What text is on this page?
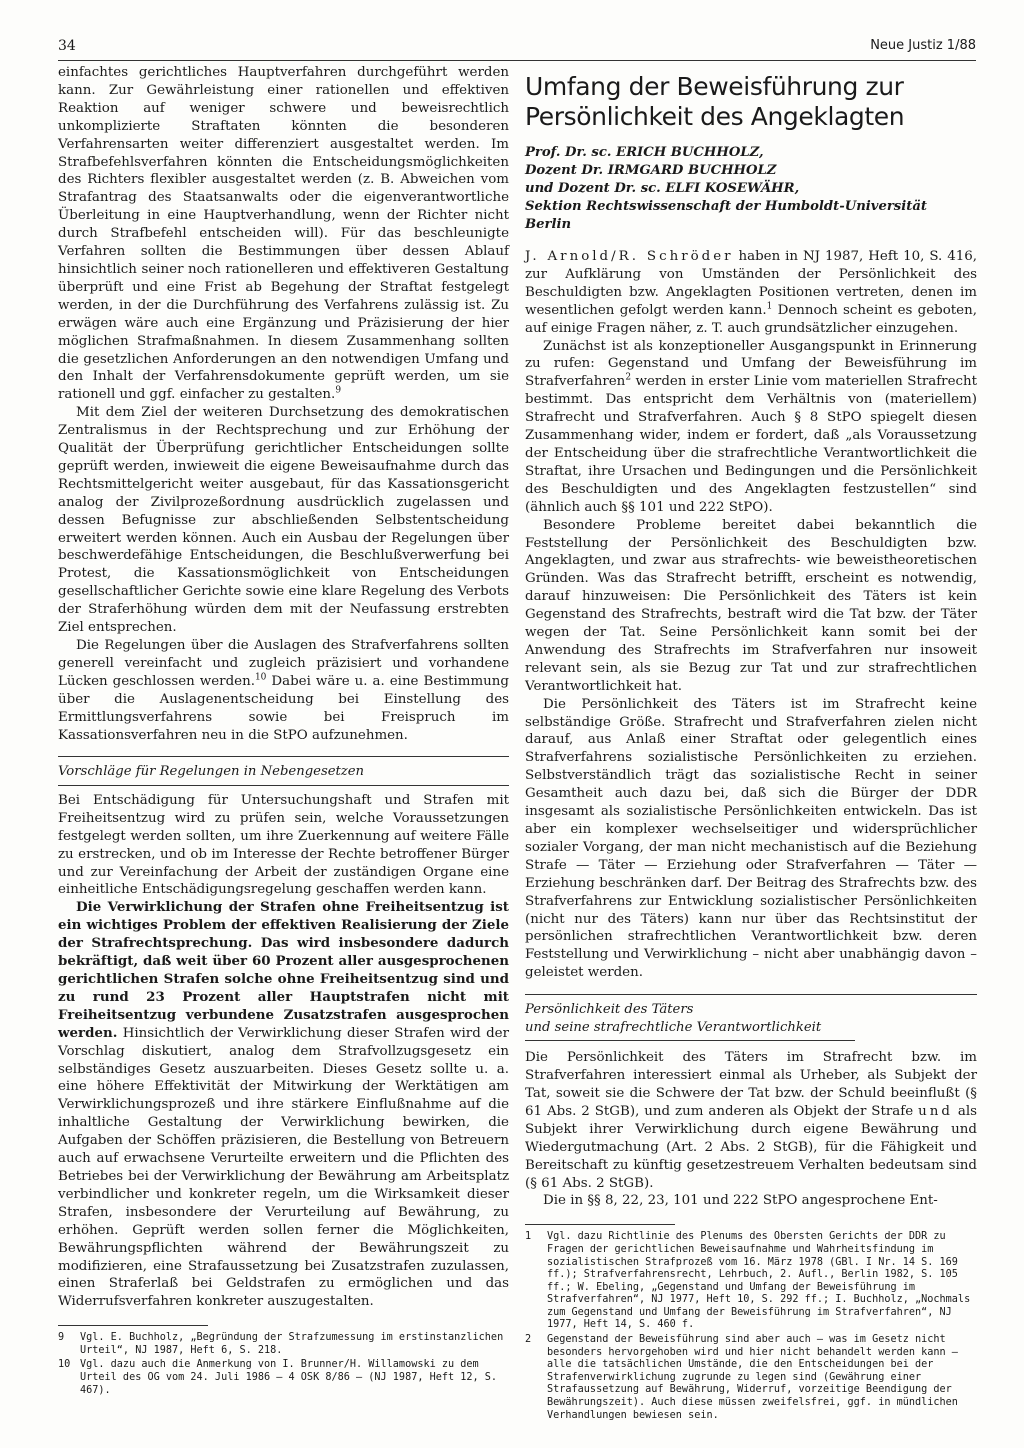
34	Neue Justiz 1/88

einfachtes gerichtliches Hauptverfahren durchgeführt werden kann. Zur Gewährleistung einer rationellen und effektiven Reaktion auf weniger schwere und beweisrechtlich unkomplizierte Straftaten könnten die besonderen Verfahrensarten weiter differenziert ausgestaltet werden. Im Strafbefehlsverfahren könnten die Entscheidungsmöglichkeiten des Richters flexibler ausgestaltet werden (z. B. Abweichen vom Strafantrag des Staatsanwalts oder die eigenverantwortliche Überleitung in eine Hauptverhandlung, wenn der Richter nicht durch Strafbefehl entscheiden will). Für das beschleunigte Verfahren sollten die Bestimmungen über dessen Ablauf hinsichtlich seiner noch rationelleren und effektiveren Gestaltung überprüft und eine Frist ab Begehung der Straftat festgelegt werden, in der die Durchführung des Verfahrens zulässig ist. Zu erwägen wäre auch eine Ergänzung und Präzisierung der hier möglichen Strafmaßnahmen. In diesem Zusammenhang sollten die gesetzlichen Anforderungen an den notwendigen Umfang und den Inhalt der Verfahrensdokumente geprüft werden, um sie rationell und ggf. einfacher zu gestalten.$^9$

Mit dem Ziel der weiteren Durchsetzung des demokratischen Zentralismus in der Rechtsprechung und zur Erhöhung der Qualität der Überprüfung gerichtlicher Entscheidungen sollte geprüft werden, inwieweit die eigene Beweisaufnahme durch das Rechtsmittelgericht weiter ausgebaut, für das Kassationsgericht analog der Zivilprozeßordnung ausdrücklich zugelassen und dessen Befugnisse zur abschließenden Selbstentscheidung erweitert werden können. Auch ein Ausbau der Regelungen über beschwerdefähige Entscheidungen, die Beschlußverwerfung bei Protest, die Kassationsmöglichkeit von Entscheidungen gesellschaftlicher Gerichte sowie eine klare Regelung des Verbots der Straferhöhung würden dem mit der Neufassung erstrebten Ziel entsprechen.

Die Regelungen über die Auslagen des Strafverfahrens sollten generell vereinfacht und zugleich präzisiert und vorhandene Lücken geschlossen werden.$^{10}$ Dabei wäre u. a. eine Bestimmung über die Auslagenentscheidung bei Einstellung des Ermittlungsverfahrens sowie bei Freispruch im Kassationsverfahren neu in die StPO aufzunehmen.

Vorschläge für Regelungen in Nebengesetzen

Bei Entschädigung für Untersuchungshaft und Strafen mit Freiheitsentzug wird zu prüfen sein, welche Voraussetzungen festgelegt werden sollten, um ihre Zuerkennung auf weitere Fälle zu erstrecken, und ob im Interesse der Rechte betroffener Bürger und zur Vereinfachung der Arbeit der zuständigen Organe eine einheitliche Entschädigungsregelung geschaffen werden kann.

Die Verwirklichung der Strafen ohne Freiheitsentzug ist ein wichtiges Problem der effektiven Realisierung der Ziele der Strafrechtsprechung. Das wird insbesondere dadurch bekräftigt, daß weit über 60 Prozent aller ausgesprochenen gerichtlichen Strafen solche ohne Freiheitsentzug sind und zu rund 23 Prozent aller Hauptstrafen nicht mit Freiheitsentzug verbundene Zusatzstrafen ausgesprochen werden. Hinsichtlich der Verwirklichung dieser Strafen wird der Vorschlag diskutiert, analog dem Strafvollzugsgesetz ein selbständiges Gesetz auszuarbeiten. Dieses Gesetz sollte u. a. eine höhere Effektivität der Mitwirkung der Werktätigen am Verwirklichungsprozeß und ihre stärkere Einflußnahme auf die inhaltliche Gestaltung der Verwirklichung bewirken, die Aufgaben der Schöffen präzisieren, die Bestellung von Betreuern auch auf erwachsene Verurteilte erweitern und die Pflichten des Betriebes bei der Verwirklichung der Bewährung am Arbeitsplatz verbindlicher und konkreter regeln, um die Wirksamkeit dieser Strafen, insbesondere der Verurteilung auf Bewährung, zu erhöhen. Geprüft werden sollen ferner die Möglichkeiten, Bewährungspflichten während der Bewährungszeit zu modifizieren, eine Strafaussetzung bei Zusatzstrafen zuzulassen, einen Straferlaß bei Geldstrafen zu ermöglichen und das Widerrufsverfahren konkreter auszugestalten.

9	Vgl. E. Buchholz, „Begründung der Strafzumessung im erstinstanzlichen Urteil“, NJ 1987, Heft 6, S. 218.
10 Vgl. dazu auch die Anmerkung von I. Brunner/H. Willamowski zu dem Urteil des OG vom 24. Juli 1986 – 4 OSK 8/86 – (NJ 1987, Heft 12, S. 467).
Umfang der Beweisführung zur Persönlichkeit des Angeklagten
Prof. Dr. sc. ERICH BUCHHOLZ,
Dozent Dr. IRMGARD BUCHHOLZ
und Dozent Dr. sc. ELFI KOSEWÄHR,
Sektion Rechtswissenschaft der Humboldt-Universität Berlin

J. Arnold/R. Schröder haben in NJ 1987, Heft 10, S. 416, zur Aufklärung von Umständen der Persönlichkeit des Beschuldigten bzw. Angeklagten Positionen vertreten, denen im wesentlichen gefolgt werden kann.$^1$ Dennoch scheint es geboten, auf einige Fragen näher, z. T. auch grundsätzlicher einzugehen.

Zunächst ist als konzeptioneller Ausgangspunkt in Erinnerung zu rufen: Gegenstand und Umfang der Beweisführung im Strafverfahren$^2$ werden in erster Linie vom materiellen Strafrecht bestimmt. Das entspricht dem Verhältnis von (materiellem) Strafrecht und Strafverfahren. Auch § 8 StPO spiegelt diesen Zusammenhang wider, indem er fordert, daß „als Voraussetzung der Entscheidung über die strafrechtliche Verantwortlichkeit die Straftat, ihre Ursachen und Bedingungen und die Persönlichkeit des Beschuldigten und des Angeklagten festzustellen“ sind (ähnlich auch §§ 101 und 222 StPO).

Besondere Probleme bereitet dabei bekanntlich die Feststellung der Persönlichkeit des Beschuldigten bzw. Angeklagten, und zwar aus strafrechts- wie beweistheoretischen Gründen. Was das Strafrecht betrifft, erscheint es notwendig, darauf hinzuweisen: Die Persönlichkeit des Täters ist kein Gegenstand des Strafrechts, bestraft wird die Tat bzw. der Täter wegen der Tat. Seine Persönlichkeit kann somit bei der Anwendung des Strafrechts im Strafverfahren nur insoweit relevant sein, als sie Bezug zur Tat und zur strafrechtlichen Verantwortlichkeit hat.

Die Persönlichkeit des Täters ist im Strafrecht keine selbständige Größe. Strafrecht und Strafverfahren zielen nicht darauf, aus Anlaß einer Straftat oder gelegentlich eines Strafverfahrens sozialistische Persönlichkeiten zu erziehen. Selbstverständlich trägt das sozialistische Recht in seiner Gesamtheit auch dazu bei, daß sich die Bürger der DDR insgesamt als sozialistische Persönlichkeiten entwickeln. Das ist aber ein komplexer wechselseitiger und widersprüchlicher sozialer Vorgang, der man nicht mechanistisch auf die Beziehung Strafe — Täter — Erziehung oder Strafverfahren — Täter — Erziehung beschränken darf. Der Beitrag des Strafrechts bzw. des Strafverfahrens zur Entwicklung sozialistischer Persönlichkeiten (nicht nur des Täters) kann nur über das Rechtsinstitut der persönlichen strafrechtlichen Verantwortlichkeit bzw. deren Feststellung und Verwirklichung – nicht aber unabhängig davon – geleistet werden.

Persönlichkeit des Täters
und seine strafrechtliche Verantwortlichkeit

Die Persönlichkeit des Täters im Strafrecht bzw. im Strafverfahren interessiert einmal als Urheber, als Subjekt der Tat, soweit sie die Schwere der Tat bzw. der Schuld beeinflußt (§ 61 Abs. 2 StGB), und zum anderen als Objekt der Strafe und als Subjekt ihrer Verwirklichung durch eigene Bewährung und Wiedergutmachung (Art. 2 Abs. 2 StGB), für die Fähigkeit und Bereitschaft zu künftig gesetzestreuem Verhalten bedeutsam sind (§ 61 Abs. 2 StGB).

Die in §§ 8, 22, 23, 101 und 222 StPO angesprochene Ent-

1	Vgl. dazu Richtlinie des Plenums des Obersten Gerichts der DDR zu Fragen der gerichtlichen Beweisaufnahme und Wahrheitsfindung im sozialistischen Strafprozeß vom 16. März 1978 (GBl. I Nr. 14 S. 169 ff.); Strafverfahrensrecht, Lehrbuch, 2. Aufl., Berlin 1982, S. 105 ff.; W. Ebeling, „Gegenstand und Umfang der Beweisführung im Strafverfahren“, NJ 1977, Heft 10, S. 292 ff.; I. Buchholz, „Nochmals zum Gegenstand und Umfang der Beweisführung im Strafverfahren“, NJ 1977, Heft 14, S. 460 f.
2	Gegenstand der Beweisführung sind aber auch – was im Gesetz nicht besonders hervorgehoben wird und hier nicht behandelt werden kann – alle die tatsächlichen Umstände, die den Entscheidungen bei der Strafenverwirklichung zugrunde zu legen sind (Gewährung einer Strafaussetzung auf Bewährung, Widerruf, vorzeitige Beendigung der Bewährungszeit). Auch diese müssen zweifelsfrei, ggf. in mündlichen Verhandlungen bewiesen sein.
